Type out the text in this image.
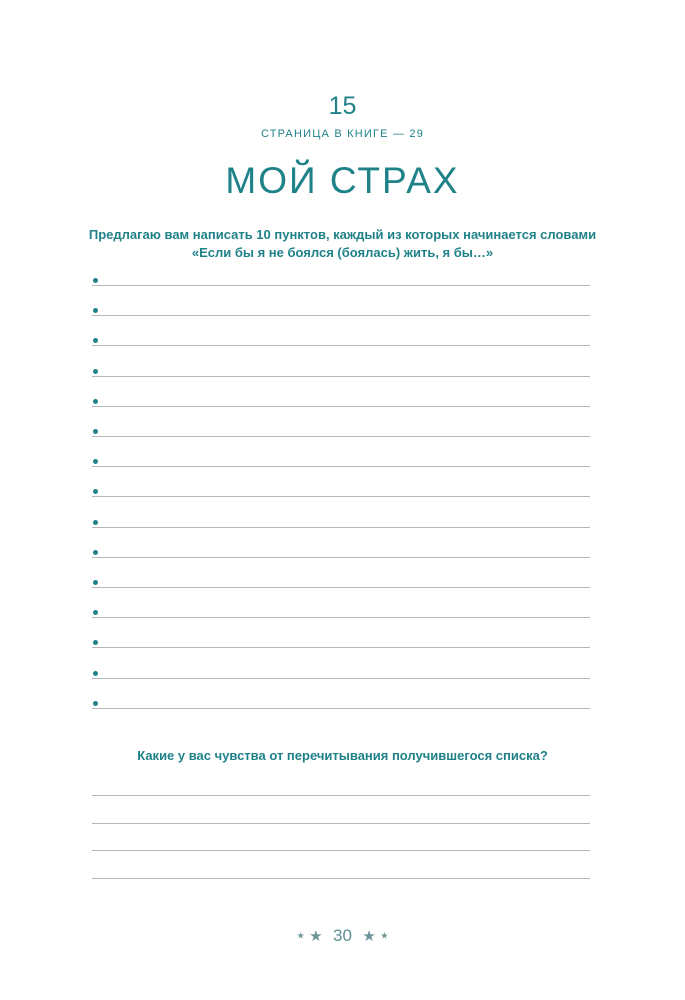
15
СТРАНИЦА В КНИГЕ — 29
МОЙ СТРАХ
Предлагаю вам написать 10 пунктов, каждый из которых начинается словами
«Если бы я не боялся (боялась) жить, я бы…»
Какие у вас чувства от перечитывания получившегося списка?
★ ★ 30 ★ ★
